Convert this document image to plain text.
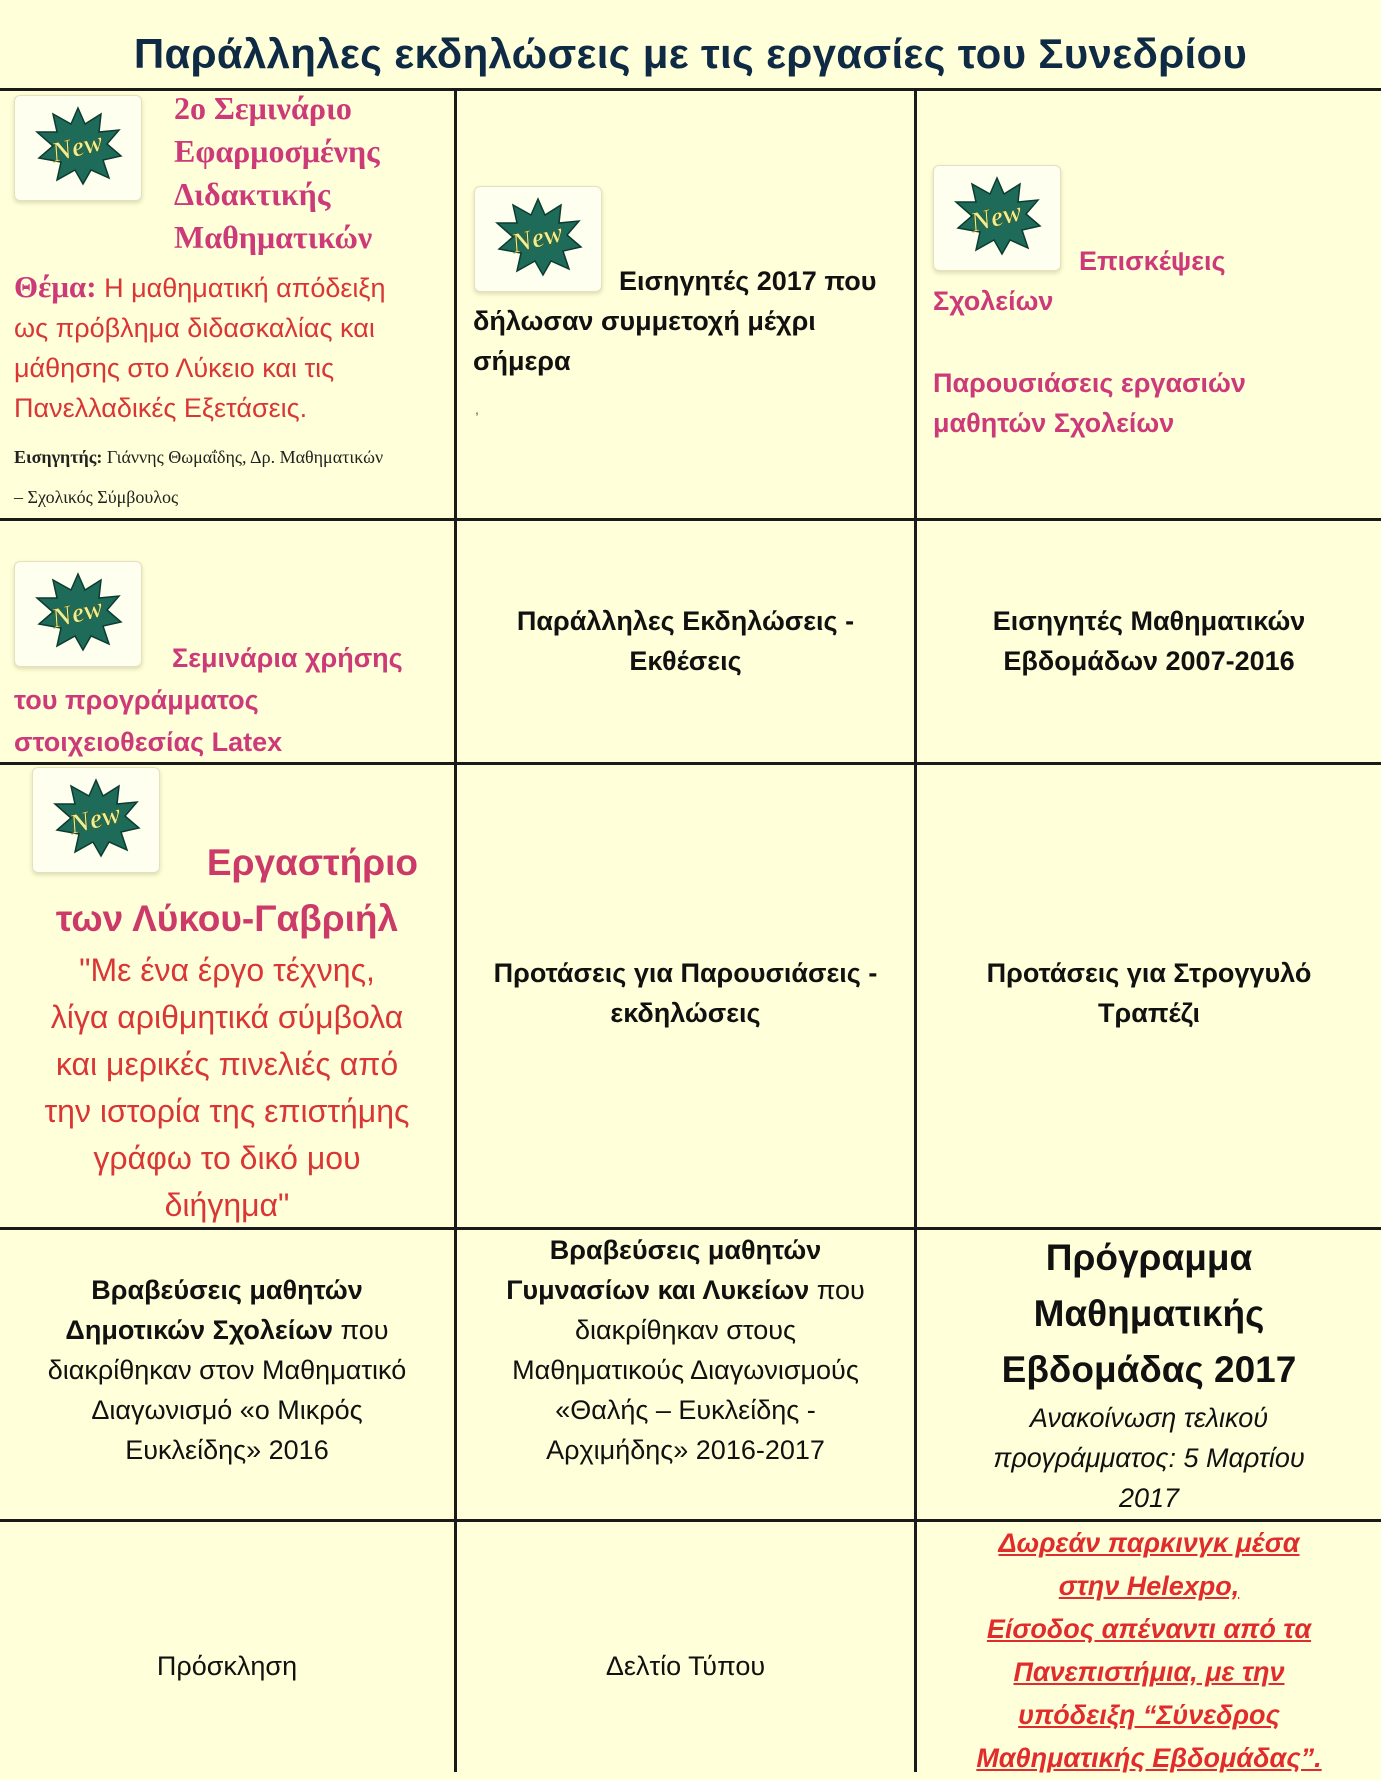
Παράλληλες εκδηλώσεις με τις εργασίες του Συνεδρίου
New
2ο Σεμινάριο
Εφαρμοσμένης
Διδακτικής
Μαθηματικών
Θέμα: Η μαθηματική απόδειξη
ως πρόβλημα διδασκαλίας και
μάθησης στο Λύκειο και τις
Πανελλαδικές Εξετάσεις.
Εισηγητής: Γιάννης Θωμαΐδης, Δρ. Μαθηματικών
– Σχολικός Σύμβουλος
New
Εισηγητές 2017 που
δήλωσαν συμμετοχή μέχρι
σήμερα
,
New
Επισκέψεις
Σχολείων
Παρουσιάσεις εργασιών
μαθητών Σχολείων
New
Σεμινάρια χρήσης
του προγράμματος
στοιχειοθεσίας Latex
Παράλληλες Εκδηλώσεις -
Εκθέσεις
Εισηγητές Μαθηματικών
Εβδομάδων 2007-2016
New
Εργαστήριο
των Λύκου-Γαβριήλ
"Με ένα έργο τέχνης,
λίγα αριθμητικά σύμβολα
και μερικές πινελιές από
την ιστορία της επιστήμης
γράφω το δικό μου
διήγημα"
Προτάσεις για Παρουσιάσεις -
εκδηλώσεις
Προτάσεις για Στρογγυλό
Τραπέζι
Βραβεύσεις μαθητών
Δημοτικών Σχολείων που
διακρίθηκαν στον Μαθηματικό
Διαγωνισμό «ο Μικρός
Ευκλείδης» 2016
Βραβεύσεις μαθητών
Γυμνασίων και Λυκείων που
διακρίθηκαν στους
Μαθηματικούς Διαγωνισμούς
«Θαλής – Ευκλείδης -
Αρχιμήδης» 2016-2017
Πρόγραμμα
Μαθηματικής
Εβδομάδας 2017
Ανακοίνωση τελικού
προγράμματος: 5 Μαρτίου
2017
Πρόσκληση	Δελτίο Τύπου
Δωρεάν παρκινγκ μέσα
στην Helexpo,
Είσοδος απέναντι από τα
Πανεπιστήμια, με την
υπόδειξη “Σύνεδρος
Μαθηματικής Εβδομάδας”.
